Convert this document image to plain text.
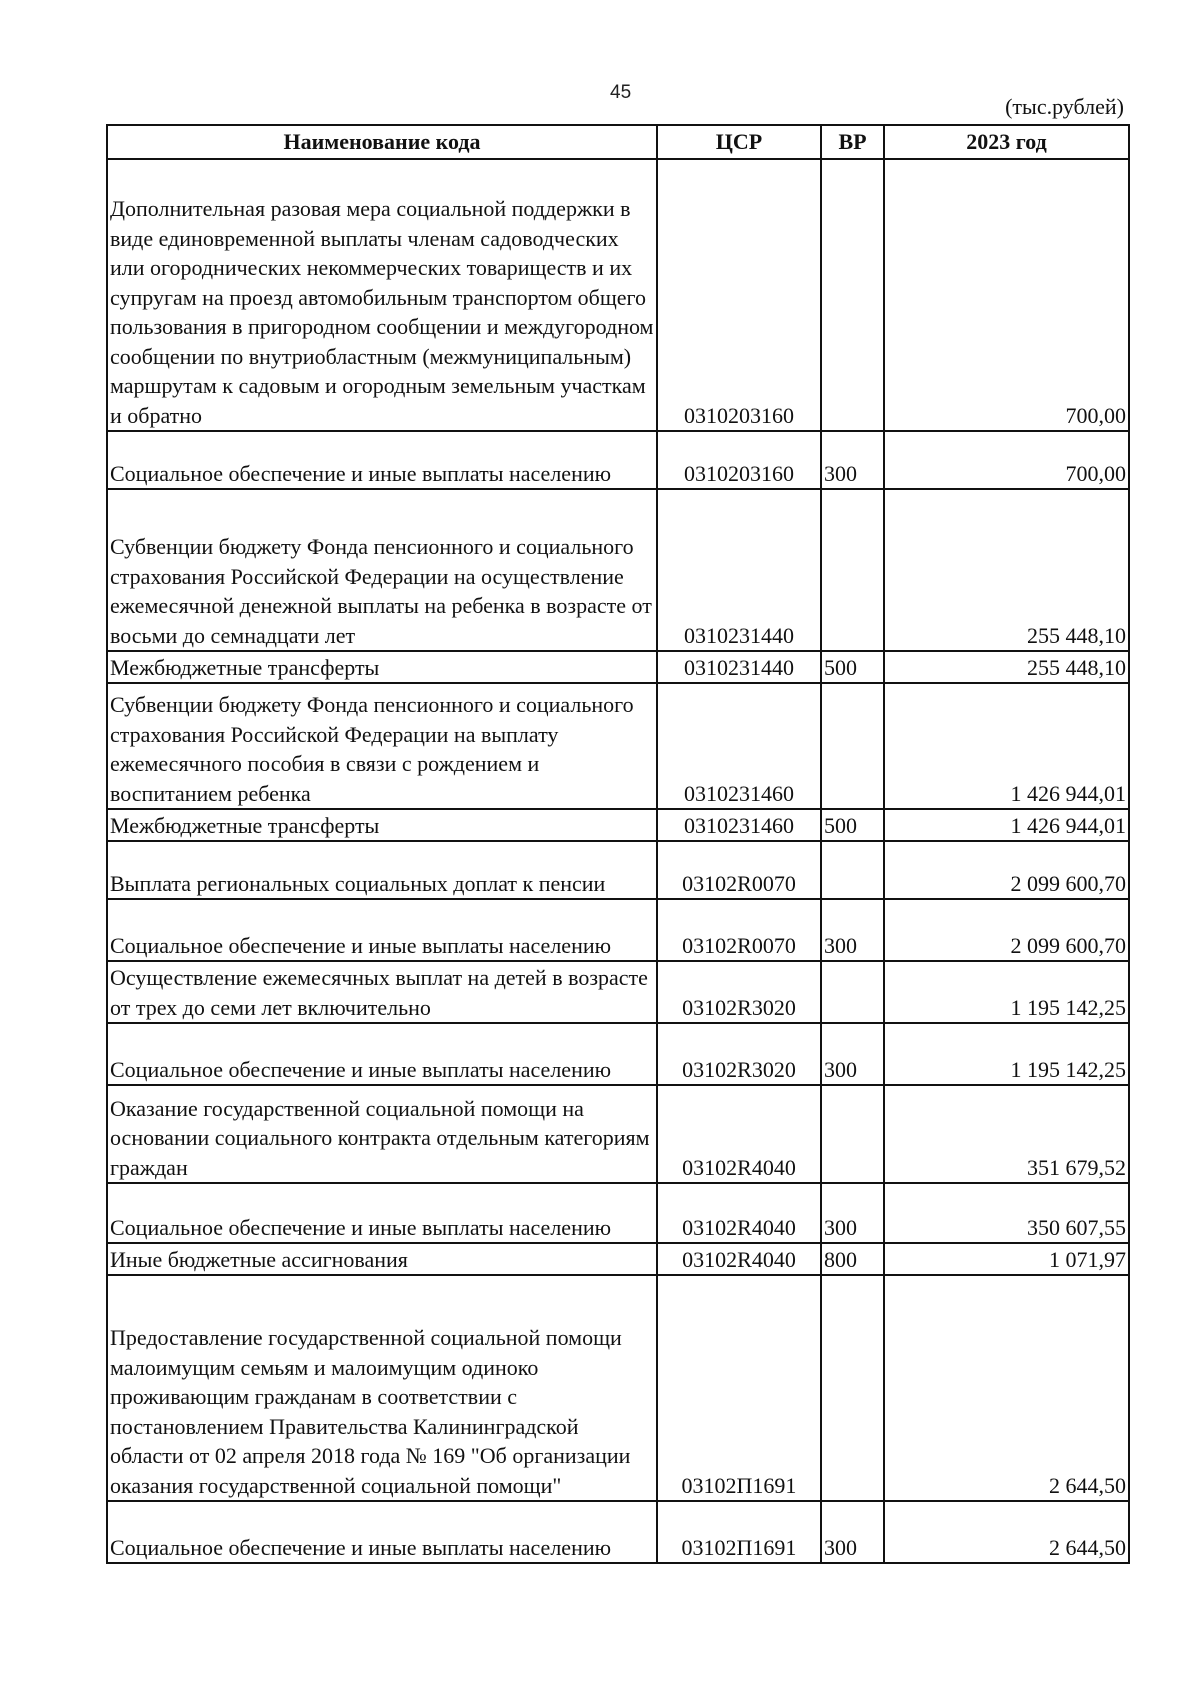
45
(тыс.рублей)
Наименование кода	ЦСР	ВР	2023 год
Дополнительная разовая мера социальной поддержки в виде единовременной выплаты членам садоводческих или огороднических некоммерческих товариществ и их супругам на проезд автомобильным транспортом общего пользования в пригородном сообщении и междугородном сообщении по внутриобластным (межмуниципальным) маршрутам к садовым и огородным земельным участкам и обратно	0310203160		700,00
Социальное обеспечение и иные выплаты населению	0310203160	300	700,00
Субвенции бюджету Фонда пенсионного и социального страхования Российской Федерации на осуществление ежемесячной денежной выплаты на ребенка в возрасте от восьми до семнадцати лет	0310231440		255 448,10
Межбюджетные трансферты	0310231440	500	255 448,10
Субвенции бюджету Фонда пенсионного и социального страхования Российской Федерации на выплату ежемесячного пособия в связи с рождением и воспитанием ребенка	0310231460		1 426 944,01
Межбюджетные трансферты	0310231460	500	1 426 944,01
Выплата региональных социальных доплат к пенсии	03102R0070		2 099 600,70
Социальное обеспечение и иные выплаты населению	03102R0070	300	2 099 600,70
Осуществление ежемесячных выплат на детей в возрасте от трех до семи лет включительно	03102R3020		1 195 142,25
Социальное обеспечение и иные выплаты населению	03102R3020	300	1 195 142,25
Оказание государственной социальной помощи на основании социального контракта отдельным категориям граждан	03102R4040		351 679,52
Социальное обеспечение и иные выплаты населению	03102R4040	300	350 607,55
Иные бюджетные ассигнования	03102R4040	800	1 071,97
Предоставление государственной социальной помощи малоимущим семьям и малоимущим одиноко проживающим гражданам в соответствии с постановлением Правительства Калининградской области от 02 апреля 2018 года № 169 "Об организации оказания государственной социальной помощи"	03102П1691		2 644,50
Социальное обеспечение и иные выплаты населению	03102П1691	300	2 644,50
